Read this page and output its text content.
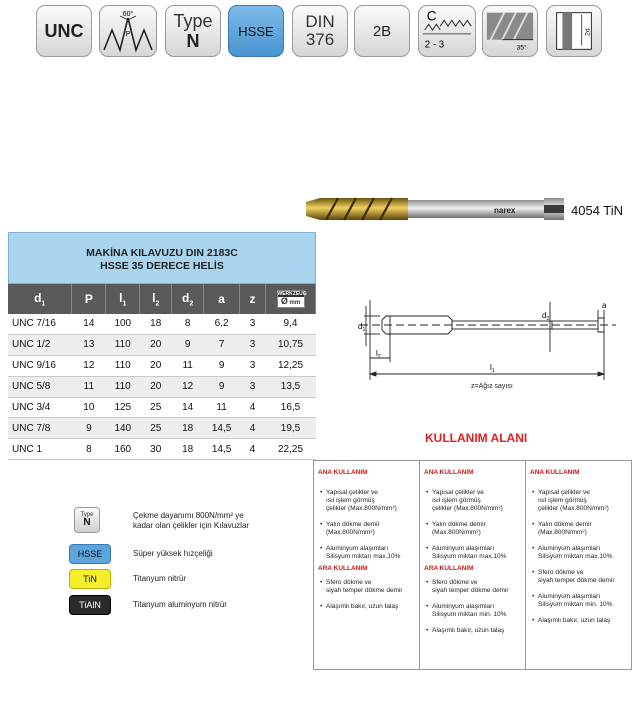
UNC
60°
P
Type
N	HSSE DIN
376	2B
C
2 - 3	35°
2d
narex	4054 TiN
MAKİNA KILAVUZU DIN 2183C
HSSE 35 DERECE HELİS
$d_1$	P	$l_1$	$l_2$	$d_2$	a	z	WERKZEUG
Ø mm
UNC 7/16	14	100	18	8	6,2	3	9,4
UNC 1/2	13	110	20	9	7	3	10,75
UNC 9/16	12	110	20	11	9	3	12,25
UNC 5/8	11	110	20	12	9	3	13,5
UNC 3/4	10	125	25	14	11	4	16,5
UNC 7/8	9	140	25	18	14,5	4	19,5
UNC 1	8	160	30	18	14,5	4	22,25
Type
N
Çekme dayanımı 800N/mm² ye
kadar olan çelikler için Kılavuzlar
HSSE	Süper yüksek hızçeliği
TiN	Titanyum nitrür
TiAlN	Titanyum aluminyum nitrür
$d_1$
$d_2$
$l_2$
$l_1$
a
z=Ağız sayısı
KULLANIM ALANI
ANA KULLANIM
• Yapısal çelikler ve
ısıl işlem görmüş
çelikler (Max.800N/mm²)
• Yalın dökme demir
(Max.800N/mm²)
• Aluminyum alaşımları
Silisyum miktarı max.10%
ARA KULLANIM
• Sfero dökme ve
siyah temper dökme demir
• Alaşımlı bakır, uzun talaş
ANA KULLANIM
• Yapısal çelikler ve
ısıl işlem görmüş
çelikler (Max.800N/mm²)
• Yalın dökme demir
(Max.800N/mm²)
• Aluminyum alaşımları
Silisyum miktarı max.10%
ARA KULLANIM
• Sfero dökme ve
siyah temper dökme demir
• Aluminyum alaşımları
Silisyum miktarı min. 10%
• Alaşımlı bakır, uzun talaş
ANA KULLANIM
• Yapısal çelikler ve
ısıl işlem görmüş
çelikler (Max.800N/mm²)
• Yalın dökme demir
(Max.800N/mm²)
• Aluminyum alaşımları
Silisyum miktarı max.10%
• Sfero dökme ve
siyah temper dökme demir
• Aluminyum alaşımları
Silisyum miktarı min. 10%
• Alaşımlı bakır, uzun talaş
